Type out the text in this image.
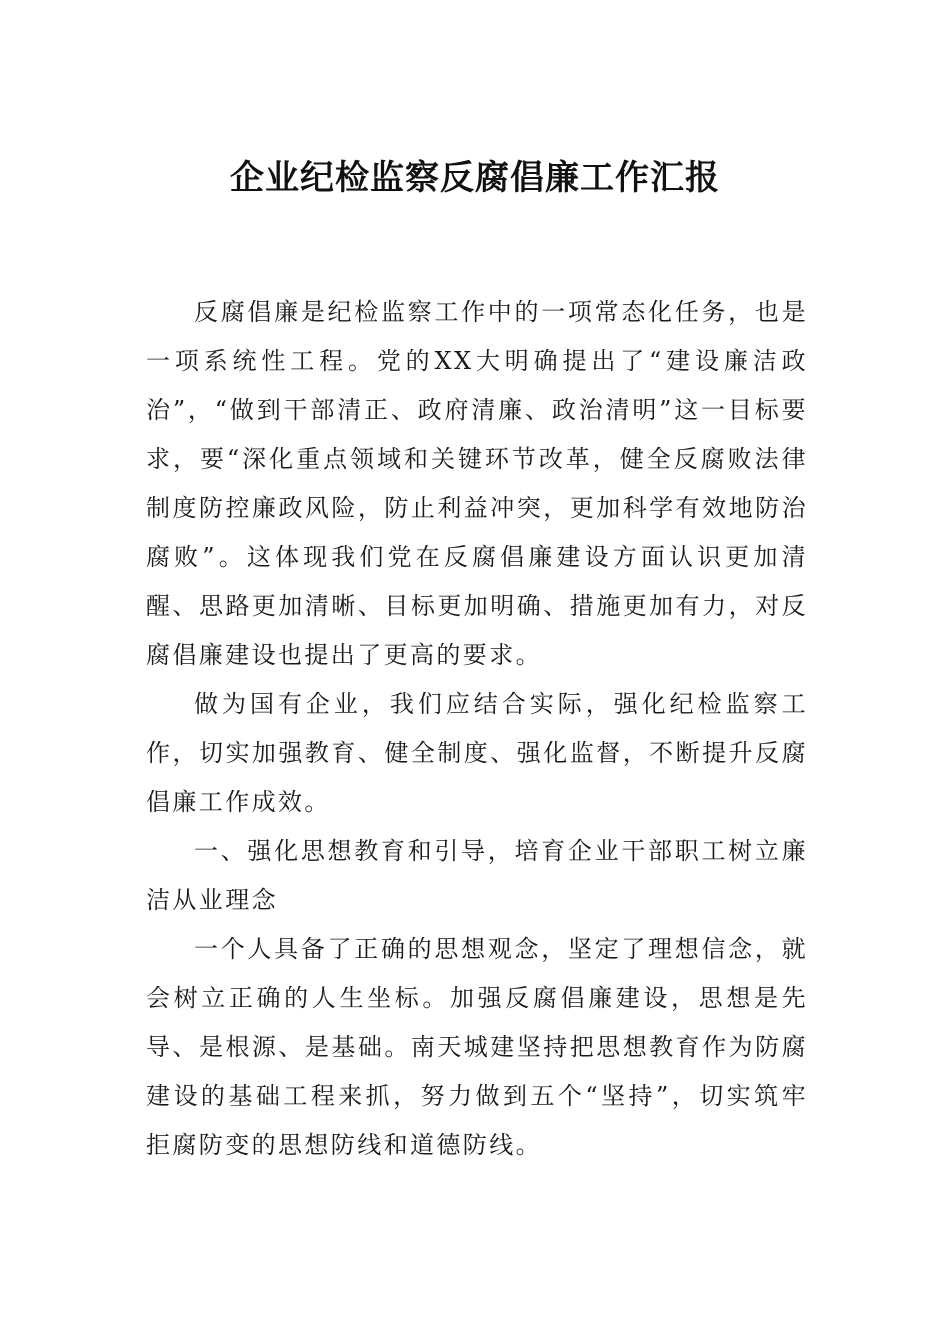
企业纪检监察反腐倡廉工作汇报

反腐倡廉是纪检监察工作中的一项常态化任务，也是一项系统性工程。党的XX大明确提出了“建设廉洁政治”，“做到干部清正、政府清廉、政治清明”这一目标要求，要“深化重点领域和关键环节改革，健全反腐败法律制度防控廉政风险，防止利益冲突，更加科学有效地防治腐败”。这体现我们党在反腐倡廉建设方面认识更加清醒、思路更加清晰、目标更加明确、措施更加有力，对反腐倡廉建设也提出了更高的要求。

做为国有企业，我们应结合实际，强化纪检监察工作，切实加强教育、健全制度、强化监督，不断提升反腐倡廉工作成效。

一、强化思想教育和引导，培育企业干部职工树立廉洁从业理念

一个人具备了正确的思想观念，坚定了理想信念，就会树立正确的人生坐标。加强反腐倡廉建设，思想是先导、是根源、是基础。南天城建坚持把思想教育作为防腐建设的基础工程来抓，努力做到五个“坚持”，切实筑牢拒腐防变的思想防线和道德防线。
